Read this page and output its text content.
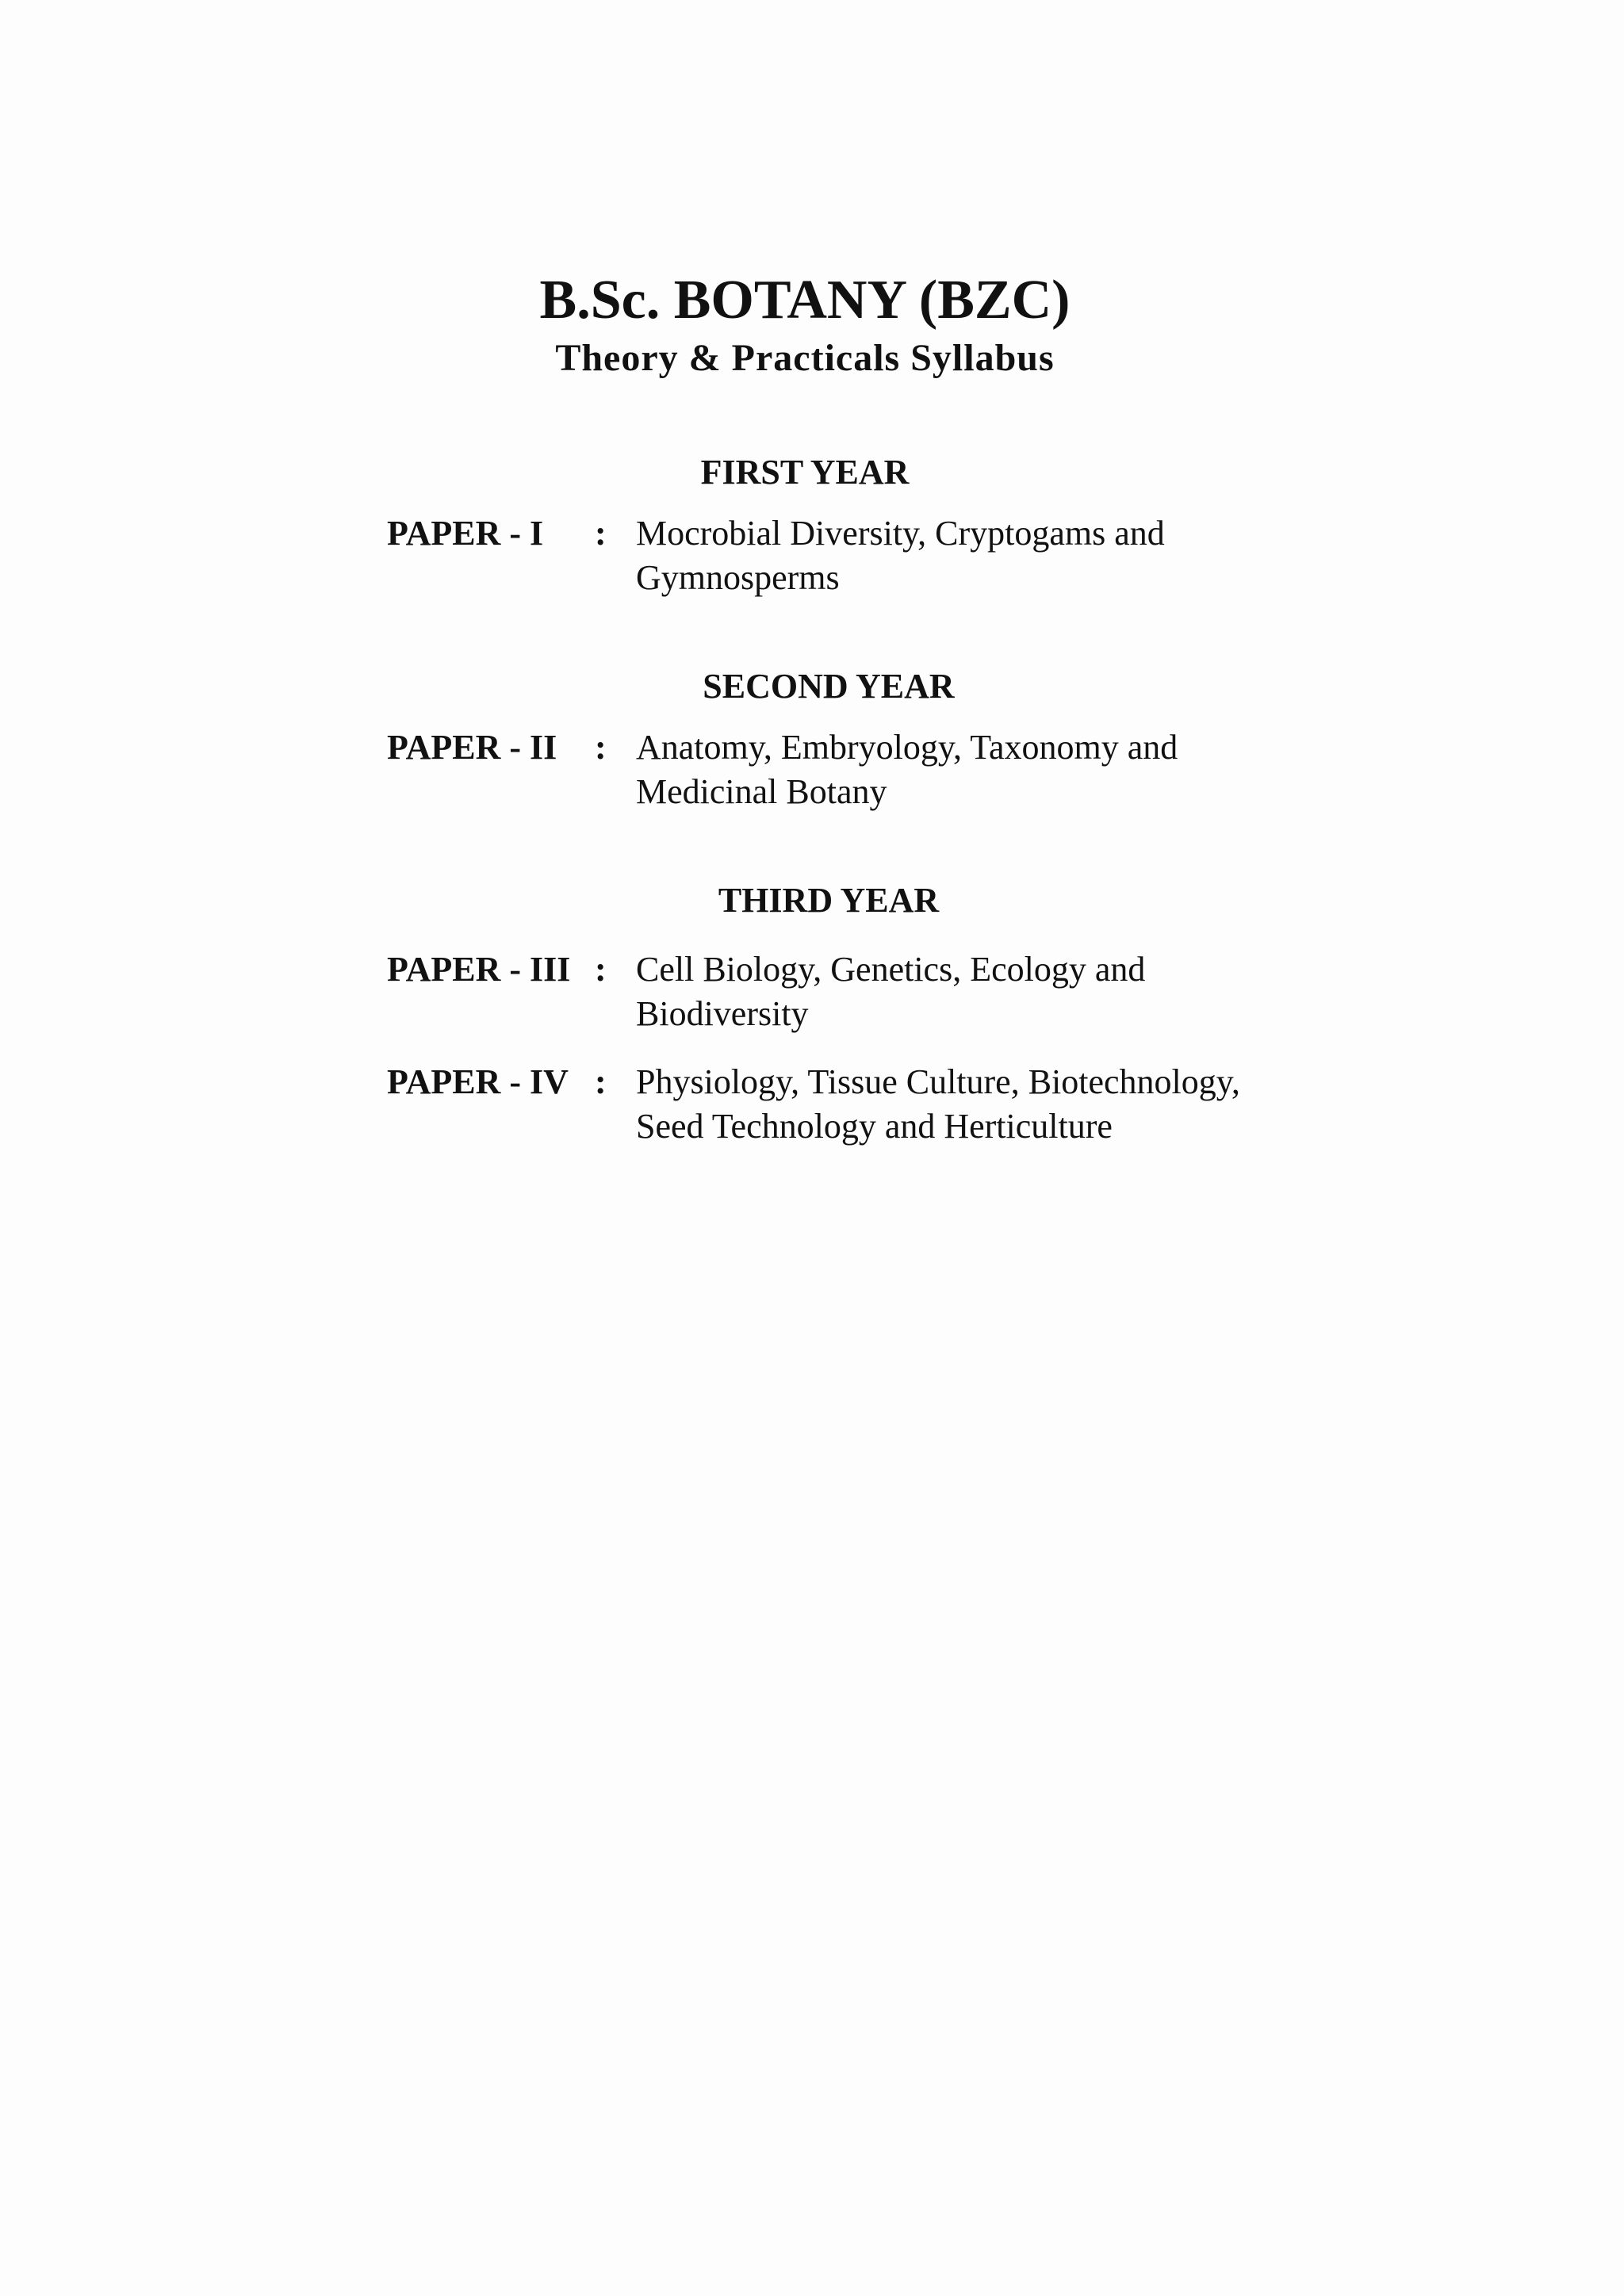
B.Sc. BOTANY (BZC)
Theory & Practicals Syllabus
FIRST YEAR
PAPER - I : Mocrobial Diversity, Cryptogams and
Gymnosperms
SECOND YEAR
PAPER - II : Anatomy, Embryology, Taxonomy and
Medicinal Botany
THIRD YEAR
PAPER - III : Cell Biology, Genetics, Ecology and
Biodiversity
PAPER - IV : Physiology, Tissue Culture, Biotechnology,
Seed Technology and Herticulture
